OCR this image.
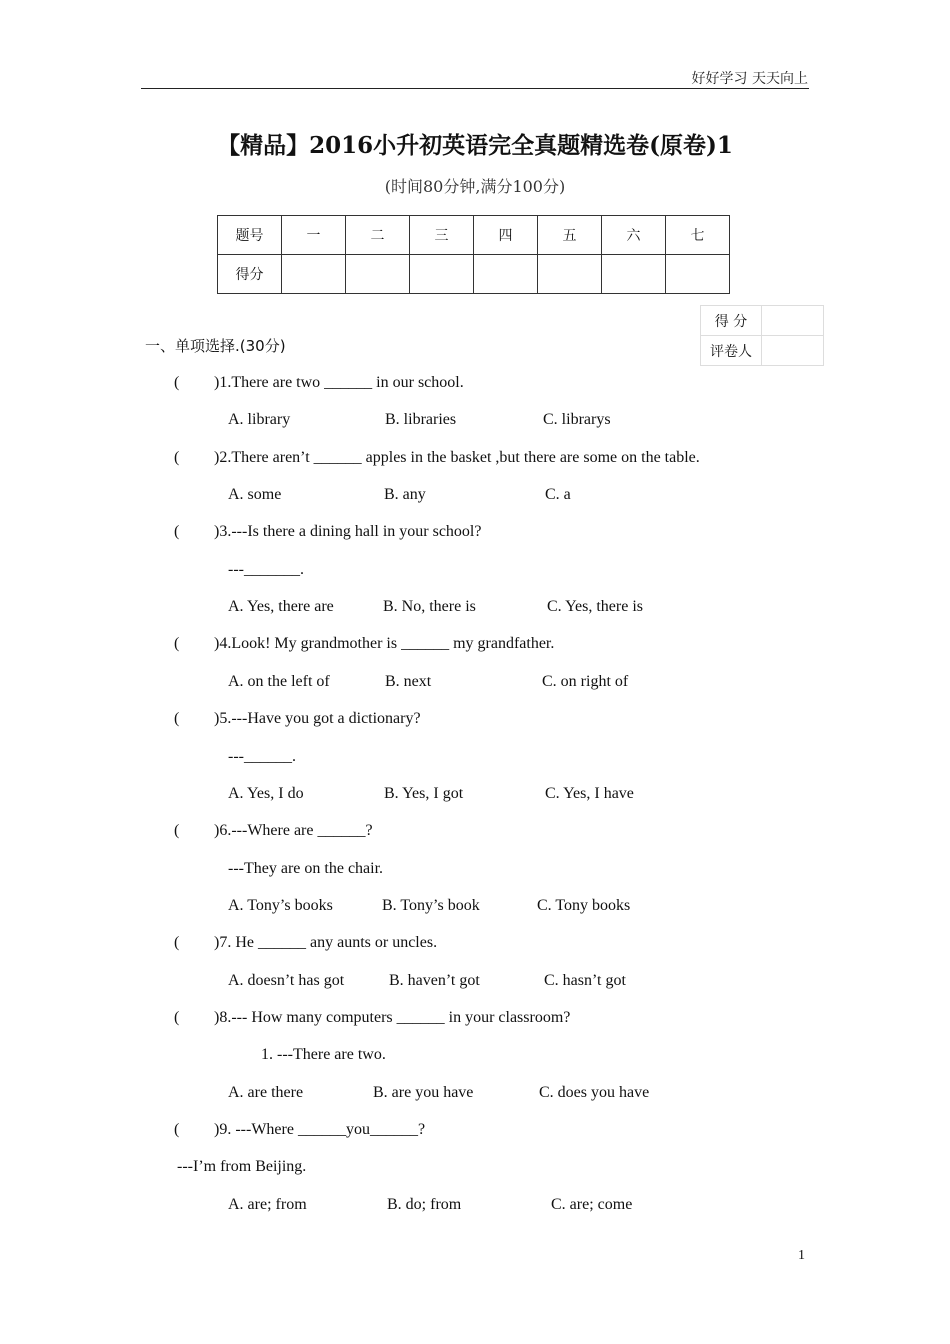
好好学习 天天向上
【精品】2016小升初英语完全真题精选卷(原卷)1
(时间80分钟,满分100分)
题号	一	二	三	四	五	六	七
得分							
得 分	
评卷人	
一、单项选择.(30分)
( )1.There are two ______ in our school.
A. library	B. libraries	C. librarys
( )2.There aren’t ______ apples in the basket ,but there are some on the table.
A. some	B. any	C. a
( )3.---Is there a dining hall in your school?
---_______.
A. Yes, there are	B. No, there is	C. Yes, there is
( )4.Look! My grandmother is ______ my grandfather.
A. on the left of	B. next	C. on right of
( )5.---Have you got a dictionary?
---______.
A. Yes, I do	B. Yes, I got	C. Yes, I have
( )6.---Where are ______?
---They are on the chair.
A. Tony’s books	B. Tony’s book	C. Tony books
( )7. He ______ any aunts or uncles.
A. doesn’t has got	B. haven’t got	C. hasn’t got
( )8.--- How many computers ______ in your classroom?
1. ---There are two.
A. are there	B. are you have	C. does you have
( )9. ---Where ______you______?
---I’m from Beijing.
A. are; from	B. do; from	C. are; come
1
